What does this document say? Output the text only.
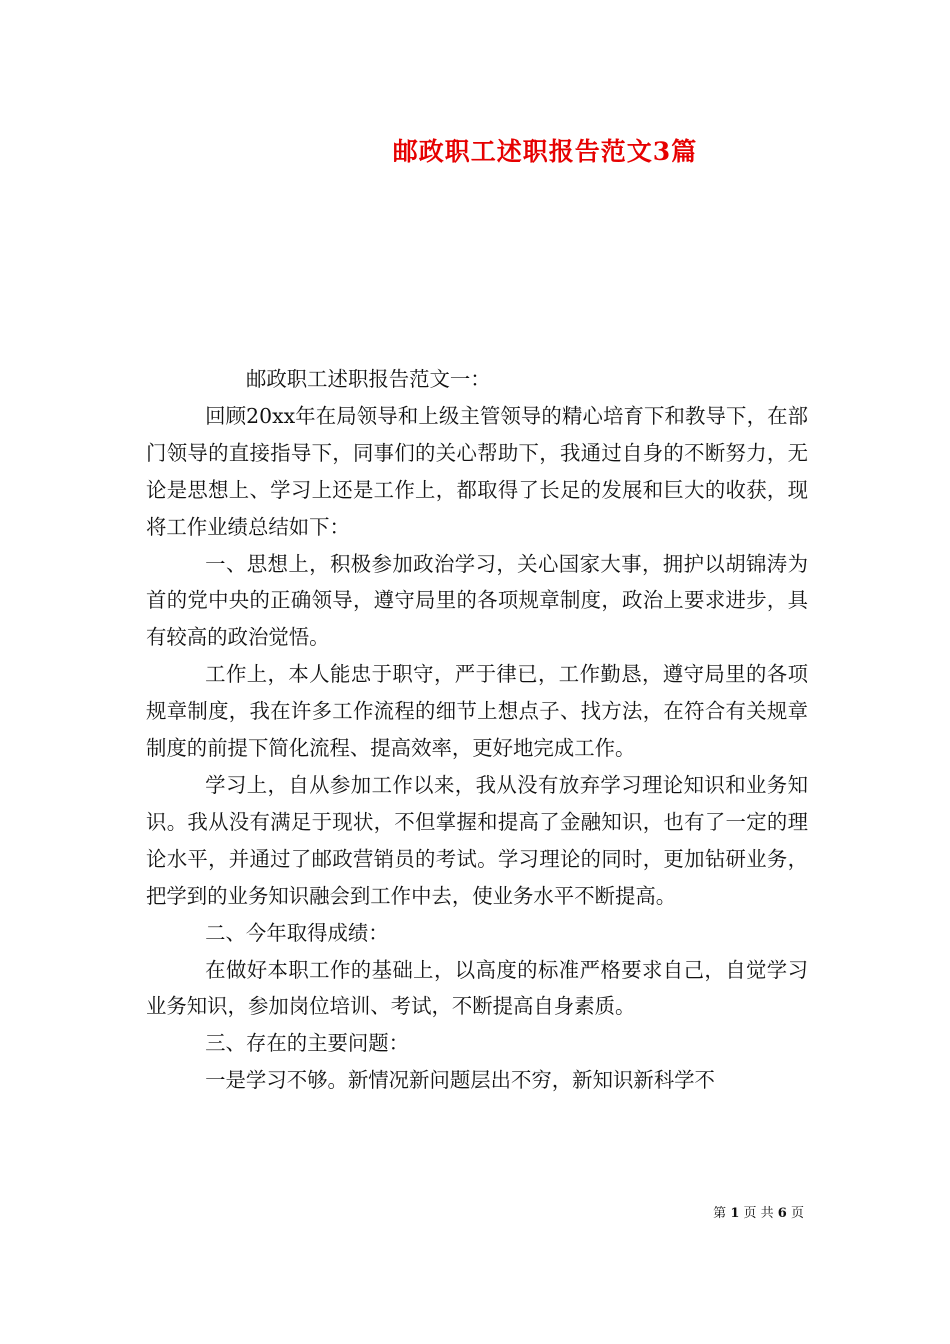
邮政职工述职报告范文3篇

邮政职工述职报告范文一：

回顾20xx年在局领导和上级主管领导的精心培育下和教导下，在部门领导的直接指导下，同事们的关心帮助下，我通过自身的不断努力，无论是思想上、学习上还是工作上，都取得了长足的发展和巨大的收获，现将工作业绩总结如下：

一、思想上，积极参加政治学习，关心国家大事，拥护以胡锦涛为首的党中央的正确领导，遵守局里的各项规章制度，政治上要求进步，具有较高的政治觉悟。

工作上，本人能忠于职守，严于律已，工作勤恳，遵守局里的各项规章制度，我在许多工作流程的细节上想点子、找方法，在符合有关规章制度的前提下简化流程、提高效率，更好地完成工作。

学习上，自从参加工作以来，我从没有放弃学习理论知识和业务知识。我从没有满足于现状，不但掌握和提高了金融知识，也有了一定的理论水平，并通过了邮政营销员的考试。学习理论的同时，更加钻研业务，把学到的业务知识融会到工作中去，使业务水平不断提高。

二、今年取得成绩：

在做好本职工作的基础上，以高度的标准严格要求自己，自觉学习业务知识，参加岗位培训、考试，不断提高自身素质。

三、存在的主要问题：

一是学习不够。新情况新问题层出不穷，新知识新科学不

第 1 页 共 6 页
